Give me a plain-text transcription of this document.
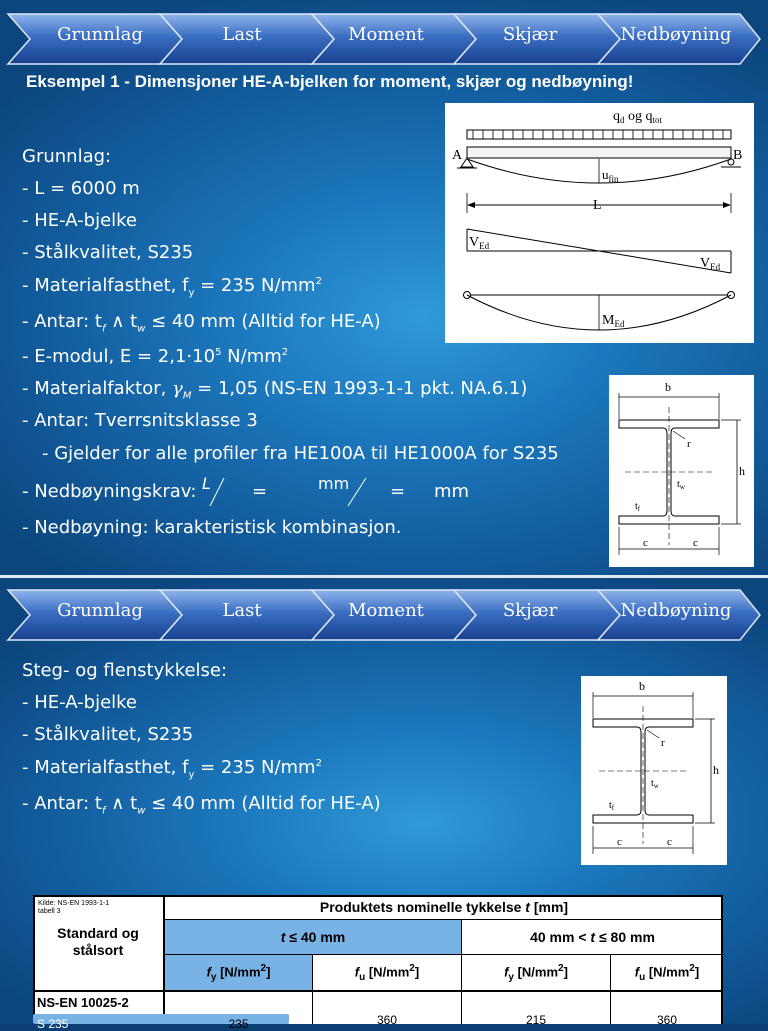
Grunnlag	Last	Moment	Skjær	Nedbøyning
Eksempel 1 - Dimensjoner HE-A-bjelken for moment, skjær og nedbøyning!
Grunnlag:
- L = 6000 m
- HE-A-bjelke
- Stålkvalitet, S235
- Materialfasthet, $f_y = 235$ $N/mm^2$
- Antar: $t_f$ ∧ $t_w \le 40$ mm (Alltid for HE-A)
- E-modul, $E = 2,1\cdot 10^5$ $N/mm^2$
- Materialfaktor, $\gamma_M = 1,05$ (NS-EN 1993-1-1 pkt. NA.6.1)
- Antar: Tverrsnitsklasse 3
- Gjelder for alle profiler fra HE100A til HE1000A for S235
- Nedbøyningskrav: L =	mm = mm
- Nedbøyning: karakteristisk kombinasjon.
$q_d$ og $q_{tot}$
A	B
$u_{fin}$
L
$V_{Ed}$
$V_{Ed}$
$M_{Ed}$
b
h
r
$t_w$
$t_f$
c	c
Grunnlag	Last	Moment	Skjær	Nedbøyning
Steg- og flenstykkelse:
- HE-A-bjelke
- Stålkvalitet, S235
- Materialfasthet, $f_y = 235$ $N/mm^2$
- Antar: $t_f$ ∧ $t_w \le 40$ mm (Alltid for HE-A)
b
h
r
$t_w$
$t_f$
c	c
Kilde: NS-EN 1993-1-1
tabell 3
Standard og
stålsort
Produktets nominelle tykkelse t [mm]
t ≤ 40 mm	40 mm < t ≤ 80 mm
$f_y$ $[N/mm^2]$	$f_u$ $[N/mm^2]$	$f_y$ $[N/mm^2]$	$f_u$ $[N/mm^2]$
NS-EN 10025-2
S 235	235	360	215	360
